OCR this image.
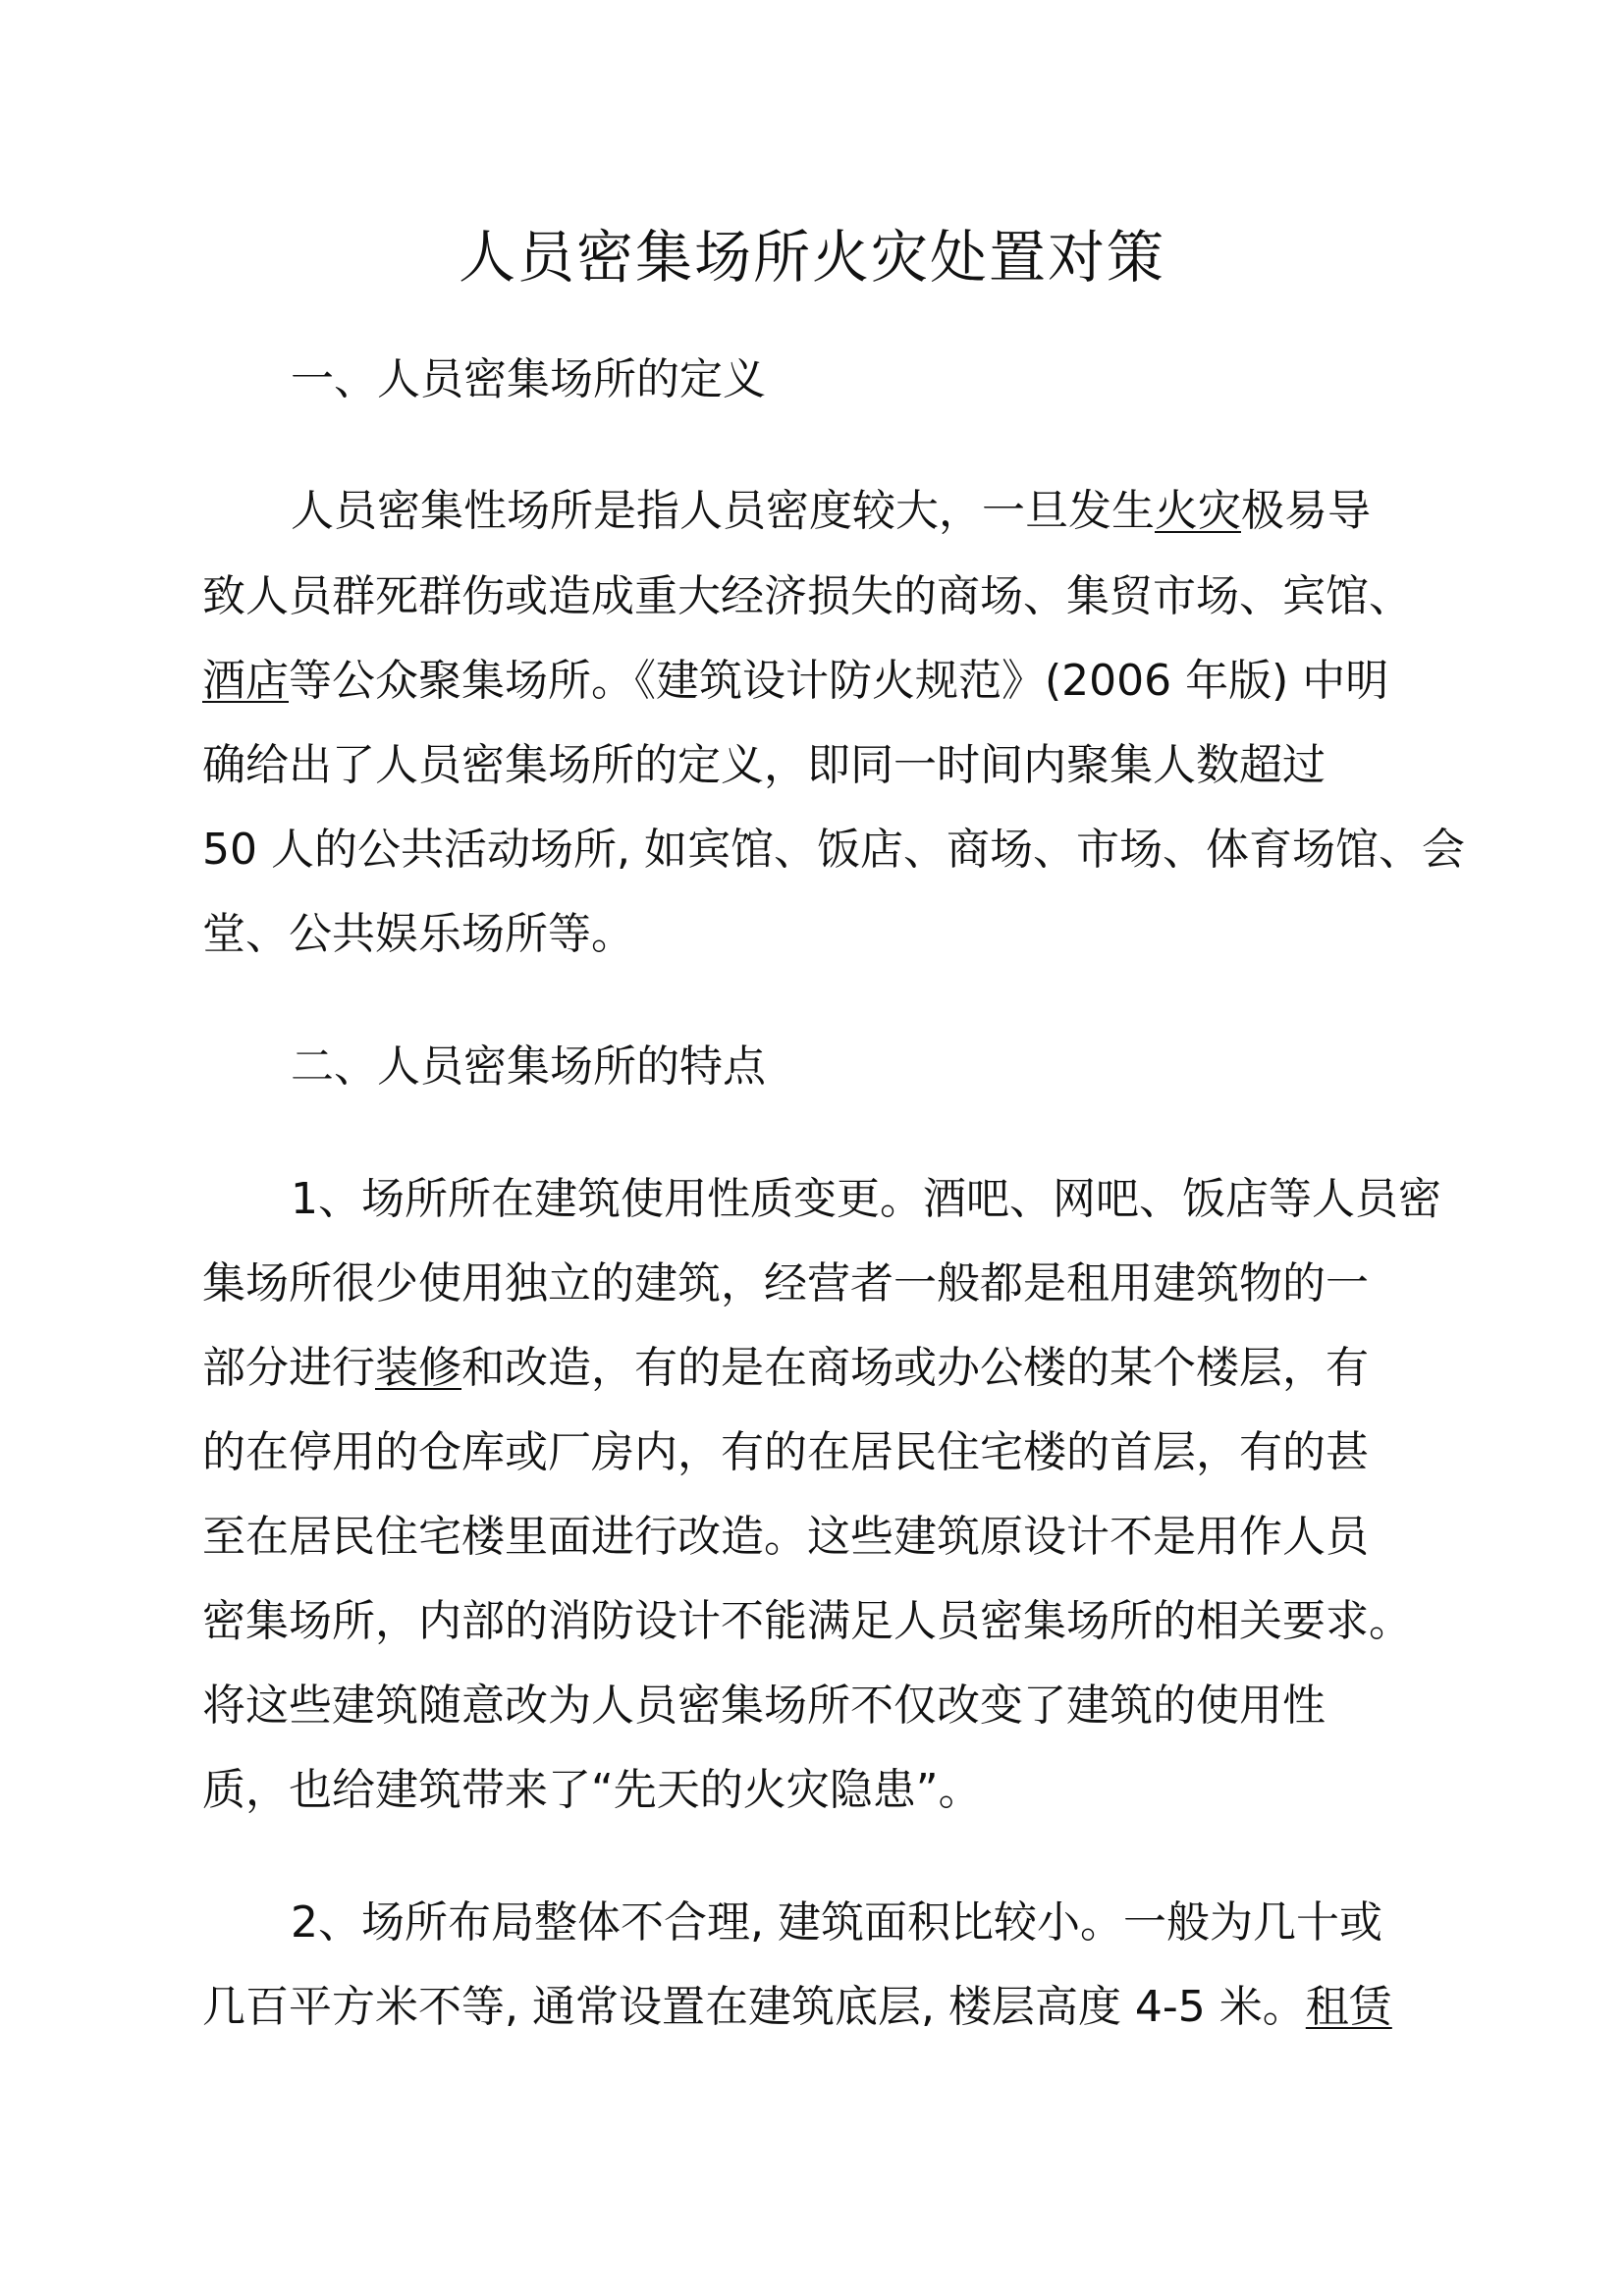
人员密集场所火灾处置对策

一、人员密集场所的定义

人员密集性场所是指人员密度较大，一旦发生火灾极易导

致人员群死群伤或造成重大经济损失的商场、集贸市场、宾馆、

酒店等公众聚集场所。《建筑设计防火规范》(2006 年版) 中明

确给出了人员密集场所的定义，即同一时间内聚集人数超过

50 人的公共活动场所, 如宾馆、饭店、商场、市场、体育场馆、会

堂、公共娱乐场所等。

二、人员密集场所的特点

1、场所所在建筑使用性质变更。酒吧、网吧、饭店等人员密

集场所很少使用独立的建筑，经营者一般都是租用建筑物的一

部分进行装修和改造，有的是在商场或办公楼的某个楼层，有

的在停用的仓库或厂房内，有的在居民住宅楼的首层，有的甚

至在居民住宅楼里面进行改造。这些建筑原设计不是用作人员

密集场所，内部的消防设计不能满足人员密集场所的相关要求。

将这些建筑随意改为人员密集场所不仅改变了建筑的使用性

质，也给建筑带来了“先天的火灾隐患”。

2、场所布局整体不合理, 建筑面积比较小。一般为几十或

几百平方米不等, 通常设置在建筑底层, 楼层高度 4-5 米。租赁
